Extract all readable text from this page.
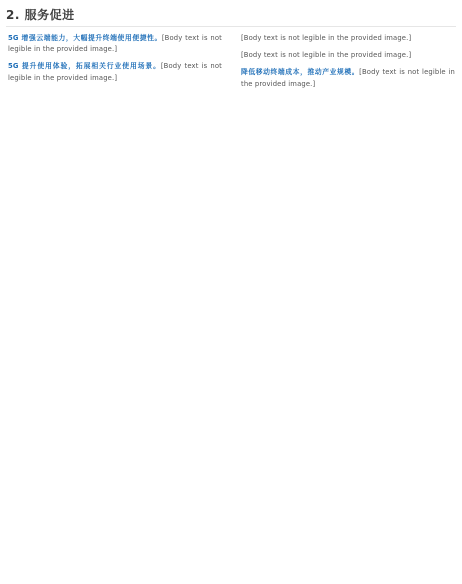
2. 服务促进

5G 增强云端能力，大幅提升终端使用便捷性。[Body text is not legible in the provided image.]

5G 提升使用体验，拓展相关行业使用场景。[Body text is not legible in the provided image.]

[Body text is not legible in the provided image.]

[Body text is not legible in the provided image.]

降低移动终端成本，推动产业规模。[Body text is not legible in the provided image.]
